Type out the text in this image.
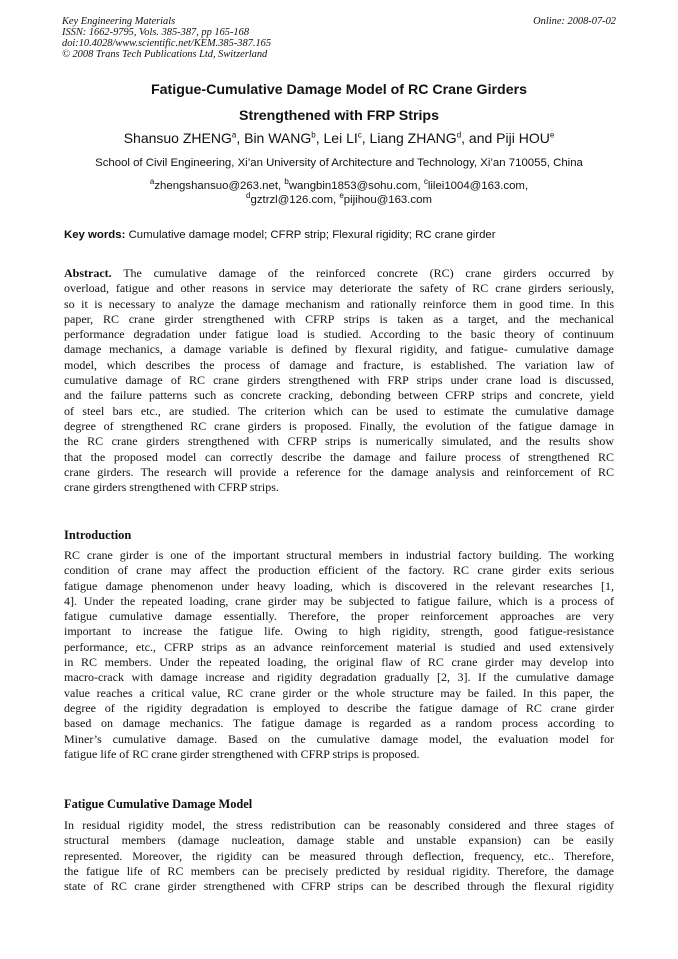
Key Engineering Materials
ISSN: 1662-9795, Vols. 385-387, pp 165-168
doi:10.4028/www.scientific.net/KEM.385-387.165
© 2008 Trans Tech Publications Ltd, Switzerland
Online: 2008-07-02
Fatigue-Cumulative Damage Model of RC Crane Girders
Strengthened with FRP Strips
Shansuo ZHENG$^a$, Bin WANG$^b$, Lei $LI^c$, Liang ZHANG$^d$, and Piji HOU$^e$
School of Civil Engineering, Xi’an University of Architecture and Technology, Xi’an 710055, China
$^a$zhengshansuo@263.net, $^b$wangbin1853@sohu.com, $^c$lilei1004@163.com,
$^d$gztrzl@126.com, $^e$pijihou@163.com
Key words: Cumulative damage model; CFRP strip; Flexural rigidity; RC crane girder
Abstract. The cumulative damage of the reinforced concrete (RC) crane girders occurred by
overload, fatigue and other reasons in service may deteriorate the safety of RC crane girders seriously,
so it is necessary to analyze the damage mechanism and rationally reinforce them in good time. In this
paper, RC crane girder strengthened with CFRP strips is taken as a target, and the mechanical
performance degradation under fatigue load is studied. According to the basic theory of continuum
damage mechanics, a damage variable is defined by flexural rigidity, and fatigue- cumulative damage
model, which describes the process of damage and fracture, is established. The variation law of
cumulative damage of RC crane girders strengthened with FRP strips under crane load is discussed,
and the failure patterns such as concrete cracking, debonding between CFRP strips and concrete, yield
of steel bars etc., are studied. The criterion which can be used to estimate the cumulative damage
degree of strengthened RC crane girders is proposed. Finally, the evolution of the fatigue damage in
the RC crane girders strengthened with CFRP strips is numerically simulated, and the results show
that the proposed model can correctly describe the damage and failure process of strengthened RC
crane girders. The research will provide a reference for the damage analysis and reinforcement of RC
crane girders strengthened with CFRP strips.
Introduction
RC crane girder is one of the important structural members in industrial factory building. The working
condition of crane may affect the production efficient of the factory. RC crane girder exits serious
fatigue damage phenomenon under heavy loading, which is discovered in the relevant researches [1,
4]. Under the repeated loading, crane girder may be subjected to fatigue failure, which is a process of
fatigue cumulative damage essentially. Therefore, the proper reinforcement approaches are very
important to increase the fatigue life. Owing to high rigidity, strength, good fatigue-resistance
performance, etc., CFRP strips as an advance reinforcement material is studied and used extensively
in RC members. Under the repeated loading, the original flaw of RC crane girder may develop into
macro-crack with damage increase and rigidity degradation gradually [2, 3]. If the cumulative damage
value reaches a critical value, RC crane girder or the whole structure may be failed. In this paper, the
degree of the rigidity degradation is employed to describe the fatigue damage of RC crane girder
based on damage mechanics. The fatigue damage is regarded as a random process according to
Miner’s cumulative damage. Based on the cumulative damage model, the evaluation model for
fatigue life of RC crane girder strengthened with CFRP strips is proposed.
Fatigue Cumulative Damage Model
In residual rigidity model, the stress redistribution can be reasonably considered and three stages of
structural members (damage nucleation, damage stable and unstable expansion) can be easily
represented. Moreover, the rigidity can be measured through deflection, frequency, etc.. Therefore,
the fatigue life of RC members can be precisely predicted by residual rigidity. Therefore, the damage
state of RC crane girder strengthened with CFRP strips can be described through the flexural rigidity
